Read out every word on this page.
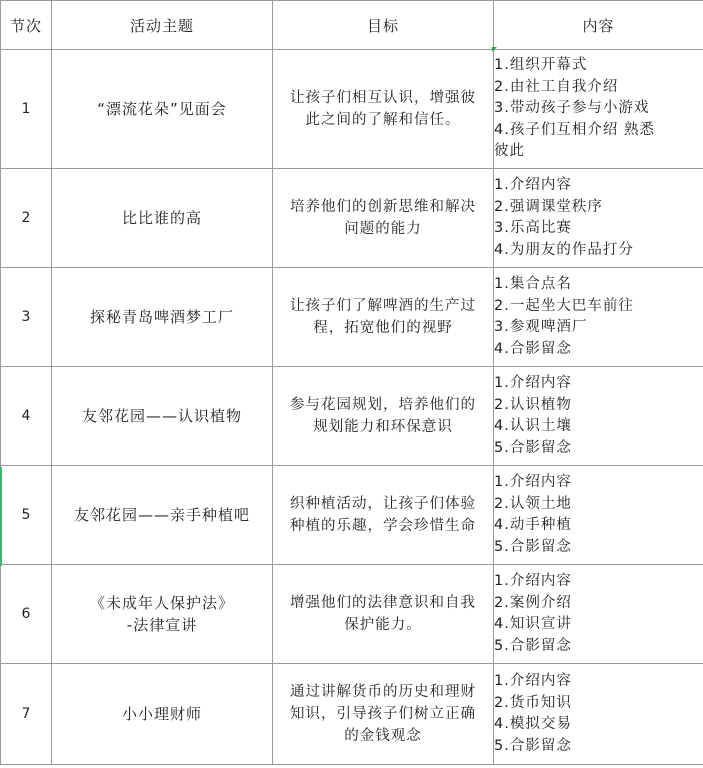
节次	活动主题	目标	内容
1	“漂流花朵”见面会	让孩子们相互认识，增强彼
此之间的了解和信任。	1.组织开幕式
2.由社工自我介绍
3.带动孩子参与小游戏
4.孩子们互相介绍 熟悉
彼此

2	比比谁的高	培养他们的创新思维和解决
问题的能力	1.介绍内容
2.强调课堂秩序
3.乐高比赛
4.为朋友的作品打分

3	探秘青岛啤酒梦工厂	让孩子们了解啤酒的生产过
程，拓宽他们的视野	1.集合点名
2.一起坐大巴车前往
3.参观啤酒厂
4.合影留念

4	友邻花园——认识植物	参与花园规划，培养他们的
规划能力和环保意识	1.介绍内容
2.认识植物
4.认识土壤
5.合影留念

5	友邻花园——亲手种植吧	织种植活动，让孩子们体验
种植的乐趣，学会珍惜生命	1.介绍内容
2.认领土地
4.动手种植
5.合影留念

6	《未成年人保护法》
-法律宣讲	增强他们的法律意识和自我
保护能力。	1.介绍内容
2.案例介绍
4.知识宣讲
5.合影留念

7	小小理财师	通过讲解货币的历史和理财
知识，引导孩子们树立正确
的金钱观念	1.介绍内容
2.货币知识
4.模拟交易
5.合影留念
